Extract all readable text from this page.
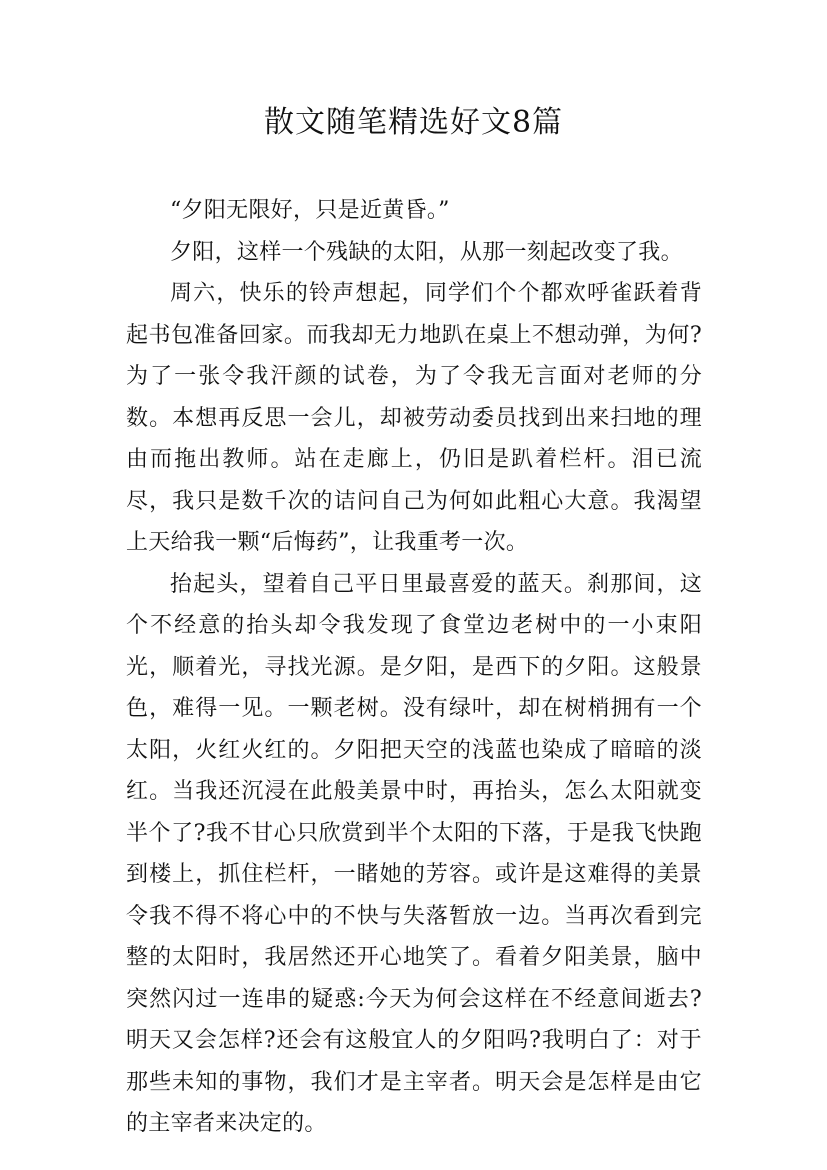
散文随笔精选好文8篇

“夕阳无限好，只是近黄昏。”

夕阳，这样一个残缺的太阳，从那一刻起改变了我。

周六，快乐的铃声想起，同学们个个都欢呼雀跃着背起书包准备回家。而我却无力地趴在桌上不想动弹，为何?为了一张令我汗颜的试卷，为了令我无言面对老师的分数。本想再反思一会儿，却被劳动委员找到出来扫地的理由而拖出教师。站在走廊上，仍旧是趴着栏杆。泪已流尽，我只是数千次的诘问自己为何如此粗心大意。我渴望上天给我一颗“后悔药”，让我重考一次。

抬起头，望着自己平日里最喜爱的蓝天。刹那间，这个不经意的抬头却令我发现了食堂边老树中的一小束阳光，顺着光，寻找光源。是夕阳，是西下的夕阳。这般景色，难得一见。一颗老树。没有绿叶，却在树梢拥有一个太阳，火红火红的。夕阳把天空的浅蓝也染成了暗暗的淡红。当我还沉浸在此般美景中时，再抬头，怎么太阳就变半个了?我不甘心只欣赏到半个太阳的下落，于是我飞快跑到楼上，抓住栏杆，一睹她的芳容。或许是这难得的美景令我不得不将心中的不快与失落暂放一边。当再次看到完整的太阳时，我居然还开心地笑了。看着夕阳美景，脑中突然闪过一连串的疑惑:今天为何会这样在不经意间逝去?明天又会怎样?还会有这般宜人的夕阳吗?我明白了：对于那些未知的事物，我们才是主宰者。明天会是怎样是由它的主宰者来决定的。
